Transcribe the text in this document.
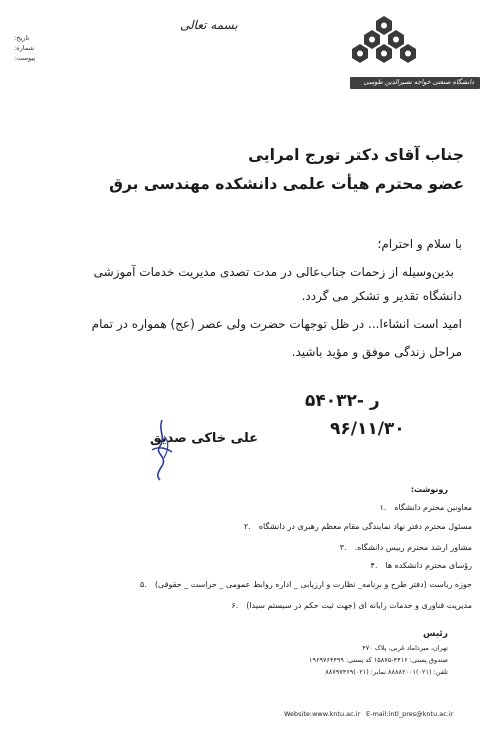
دانشگاه صنعتی خواجه نصیرالدین طوسی
بسمه تعالی
تاریخ:
شماره:
پیوست:
جناب آقای دکتر تورج امرایی
عضو محترم هیأت علمی دانشکده مهندسی برق
با سلام و احترام؛
بدین‌وسیله از زحمات جناب‌عالی در مدت تصدی مدیریت خدمات آموزشی
دانشگاه تقدیر و تشکر می گردد.
امید است انشاءا... در ظل توجهات حضرت ولی عصر (عج) همواره در تمام
مراحل زندگی موفق و مؤید باشید.
ر -۵۴۰۳۲
۹۶/۱۱/۳۰
علی خاکی صدیق
رونوشت:
.۱ معاونین محترم دانشگاه
.۲ مسئول محترم دفتر نهاد نمایندگی مقام معظم رهبری در دانشگاه
.۳ مشاور ارشد محترم رییس دانشگاه.
.۴ رؤسای محترم دانشکده ها
.۵ حوزه ریاست (دفتر طرح و برنامه_ نظارت و ارزیابی _ اداره روابط عمومی _ حراست _ حقوقی)
.۶ مدیریت فناوری و خدمات رایانه ای (جهت ثبت حکم در سیستم سیدا)
رئیس
تهران، میرداماد غربی، پلاک ۴۷۰
صندوق پستی: ۴۴۱۶-۱۵۸۷۵ کد پستی: ۱۹۶۹۷۶۴۴۹۹
تلفن: (۰۲۱)۸۸۸۸۲۰۰۱ نمابر: (۰۲۱)۸۸۷۹۷۴۶۹
Website:www.kntu.ac.ir E-mail:intl_pres@kntu.ac.ir
